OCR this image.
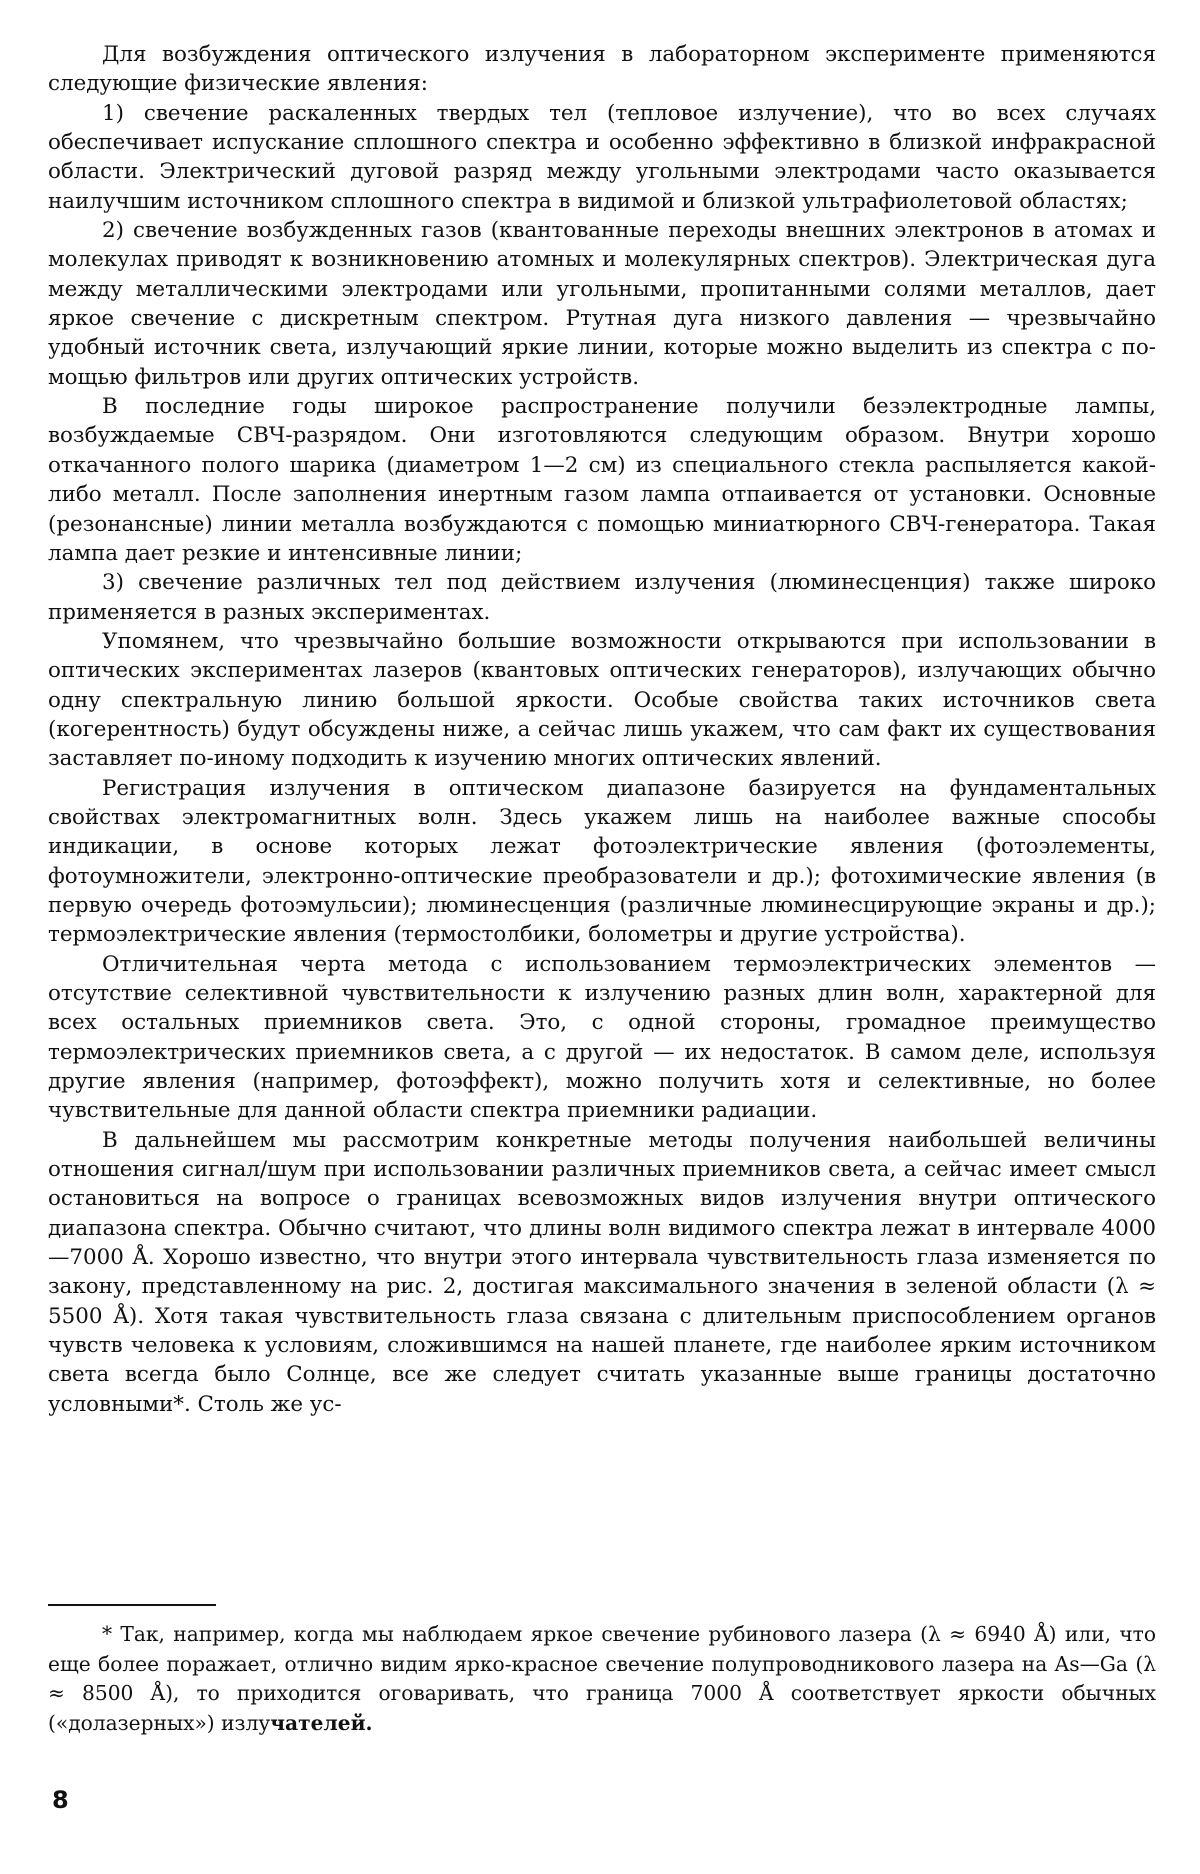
Для возбуждения оптического излучения в лабораторном эксперименте применяются следующие физические явления:

1) свечение раскаленных твердых тел (тепловое излучение), что во всех случаях обеспечивает испускание сплошного спектра и особенно эффективно в близкой инфракрасной области. Электрический дуговой разряд между угольными электродами часто оказывается наилучшим источником сплошного спектра в видимой и близкой ультрафиолетовой областях;

2) свечение возбужденных газов (квантованные переходы внешних электронов в атомах и молекулах приводят к возникновению атомных и молекулярных спектров). Электрическая дуга между металлическими электродами или угольными, пропитанными солями металлов, дает яркое свечение с дискретным спектром. Ртутная дуга низкого давления — чрезвычайно удобный источник света, излучающий яркие линии, которые можно выделить из спектра с помощью фильтров или других оптических устройств.

В последние годы широкое распространение получили безэлектродные лампы, возбуждаемые СВЧ-разрядом. Они изготовляются следующим образом. Внутри хорошо откачанного полого шарика (диаметром 1—2 см) из специального стекла распыляется какой-либо металл. После заполнения инертным газом лампа отпаивается от установки. Основные (резонансные) линии металла возбуждаются с помощью миниатюрного СВЧ-генератора. Такая лампа дает резкие и интенсивные линии;

3) свечение различных тел под действием излучения (люминесценция) также широко применяется в разных экспериментах.

Упомянем, что чрезвычайно большие возможности открываются при использовании в оптических экспериментах лазеров (квантовых оптических генераторов), излучающих обычно одну спектральную линию большой яркости. Особые свойства таких источников света (когерентность) будут обсуждены ниже, а сейчас лишь укажем, что сам факт их существования заставляет по-иному подходить к изучению многих оптических явлений.

Регистрация излучения в оптическом диапазоне базируется на фундаментальных свойствах электромагнитных волн. Здесь укажем лишь на наиболее важные способы индикации, в основе которых лежат фотоэлектрические явления (фотоэлементы, фотоумножители, электронно-оптические преобразователи и др.); фотохимические явления (в первую очередь фотоэмульсии); люминесценция (различные люминесцирующие экраны и др.); термоэлектрические явления (термостолбики, болометры и другие устройства).

Отличительная черта метода с использованием термоэлектрических элементов —отсутствие селективной чувствительности к излучению разных длин волн, характерной для всех остальных приемников света. Это, с одной стороны, громадное преимущество термоэлектрических приемников света, а с другой — их недостаток. В самом деле, используя другие явления (например, фотоэффект), можно получить хотя и селективные, но более чувствительные для данной области спектра приемники радиации.

В дальнейшем мы рассмотрим конкретные методы получения наибольшей величины отношения сигнал/шум при использовании различных приемников света, а сейчас имеет смысл остановиться на вопросе о границах всевозможных видов излучения внутри оптического диапазона спектра. Обычно считают, что длины волн видимого спектра лежат в интервале 4000—7000 Å. Хорошо известно, что внутри этого интервала чувствительность глаза изменяется по закону, представленному на рис. 2, достигая максимального значения в зеленой области (λ ≈ 5500 Å). Хотя такая чувствительность глаза связана с длительным приспособлением органов чувств человека к условиям, сложившимся на нашей планете, где наиболее ярким источником света всегда было Солнце, все же следует считать указанные выше границы достаточно условными*. Столь же ус-

* Так, например, когда мы наблюдаем яркое свечение рубинового лазера (λ ≈ 6940 Å) или, что еще более поражает, отлично видим ярко-красное свечение полупроводникового лазера на As—Ga (λ ≈ 8500 Å), то приходится оговаривать, что граница 7000 Å соответствует яркости обычных («долазерных») излучателей.

8
